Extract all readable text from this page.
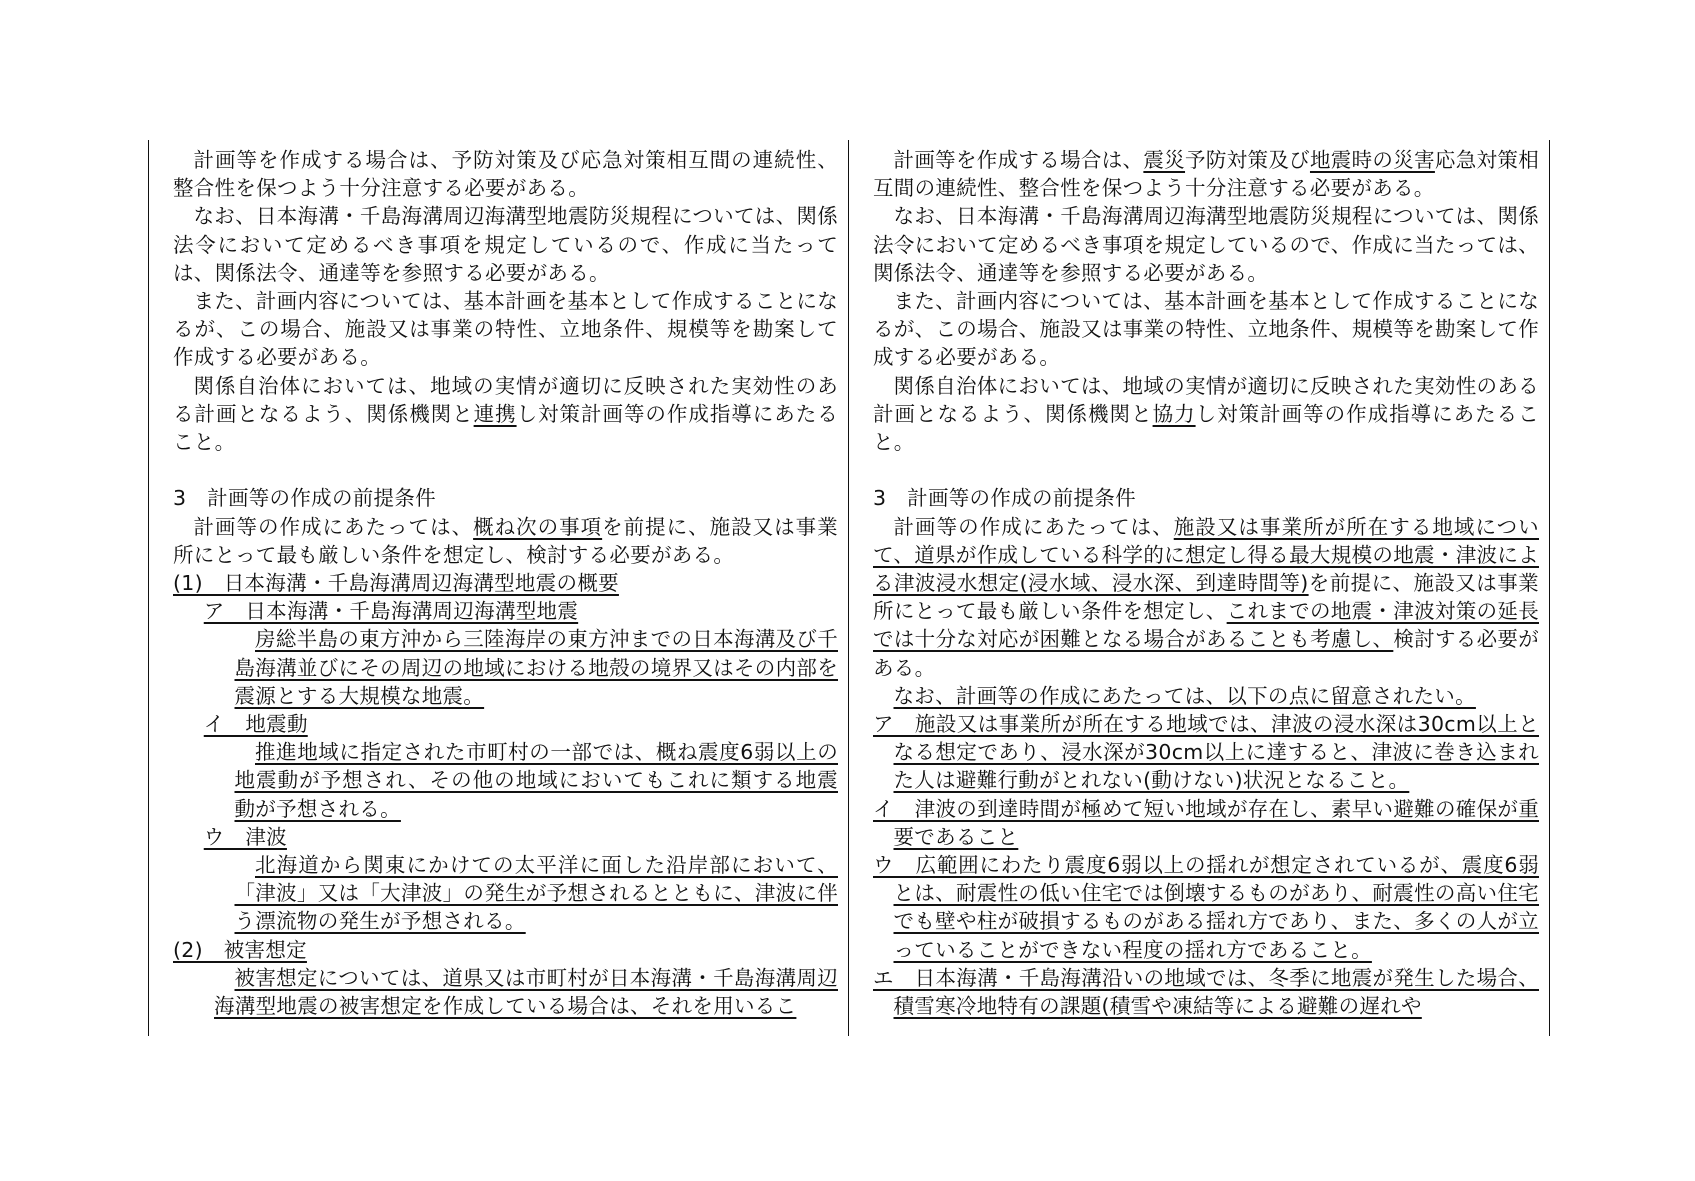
計画等を作成する場合は、予防対策及び応急対策相互間の連続性、整合性を保つよう十分注意する必要がある。

なお、日本海溝・千島海溝周辺海溝型地震防災規程については、関係法令において定めるべき事項を規定しているので、作成に当たっては、関係法令、通達等を参照する必要がある。

また、計画内容については、基本計画を基本として作成することになるが、この場合、施設又は事業の特性、立地条件、規模等を勘案して作成する必要がある。

関係自治体においては、地域の実情が適切に反映された実効性のある計画となるよう、関係機関と連携し対策計画等の作成指導にあたること。

3　計画等の作成の前提条件

計画等の作成にあたっては、概ね次の事項を前提に、施設又は事業所にとって最も厳しい条件を想定し、検討する必要がある。

(1)　日本海溝・千島海溝周辺海溝型地震の概要

ア　日本海溝・千島海溝周辺海溝型地震

房総半島の東方沖から三陸海岸の東方沖までの日本海溝及び千島海溝並びにその周辺の地域における地殻の境界又はその内部を震源とする大規模な地震。

イ　地震動

推進地域に指定された市町村の一部では、概ね震度6弱以上の地震動が予想され、その他の地域においてもこれに類する地震動が予想される。

ウ　津波

北海道から関東にかけての太平洋に面した沿岸部において、「津波」又は「大津波」の発生が予想されるとともに、津波に伴う漂流物の発生が予想される。

(2)　被害想定

被害想定については、道県又は市町村が日本海溝・千島海溝周辺海溝型地震の被害想定を作成している場合は、それを用いるこ

計画等を作成する場合は、震災予防対策及び地震時の災害応急対策相互間の連続性、整合性を保つよう十分注意する必要がある。

なお、日本海溝・千島海溝周辺海溝型地震防災規程については、関係法令において定めるべき事項を規定しているので、作成に当たっては、関係法令、通達等を参照する必要がある。

また、計画内容については、基本計画を基本として作成することになるが、この場合、施設又は事業の特性、立地条件、規模等を勘案して作成する必要がある。

関係自治体においては、地域の実情が適切に反映された実効性のある計画となるよう、関係機関と協力し対策計画等の作成指導にあたること。

3　計画等の作成の前提条件

計画等の作成にあたっては、施設又は事業所が所在する地域について、道県が作成している科学的に想定し得る最大規模の地震・津波による津波浸水想定(浸水域、浸水深、到達時間等)を前提に、施設又は事業所にとって最も厳しい条件を想定し、これまでの地震・津波対策の延長では十分な対応が困難となる場合があることも考慮し、検討する必要がある。

なお、計画等の作成にあたっては、以下の点に留意されたい。

ア　施設又は事業所が所在する地域では、津波の浸水深は30cm以上となる想定であり、浸水深が30cm以上に達すると、津波に巻き込まれた人は避難行動がとれない(動けない)状況となること。

イ　津波の到達時間が極めて短い地域が存在し、素早い避難の確保が重要であること

ウ　広範囲にわたり震度6弱以上の揺れが想定されているが、震度6弱とは、耐震性の低い住宅では倒壊するものがあり、耐震性の高い住宅でも壁や柱が破損するものがある揺れ方であり、また、多くの人が立っていることができない程度の揺れ方であること。

エ　日本海溝・千島海溝沿いの地域では、冬季に地震が発生した場合、積雪寒冷地特有の課題(積雪や凍結等による避難の遅れや
